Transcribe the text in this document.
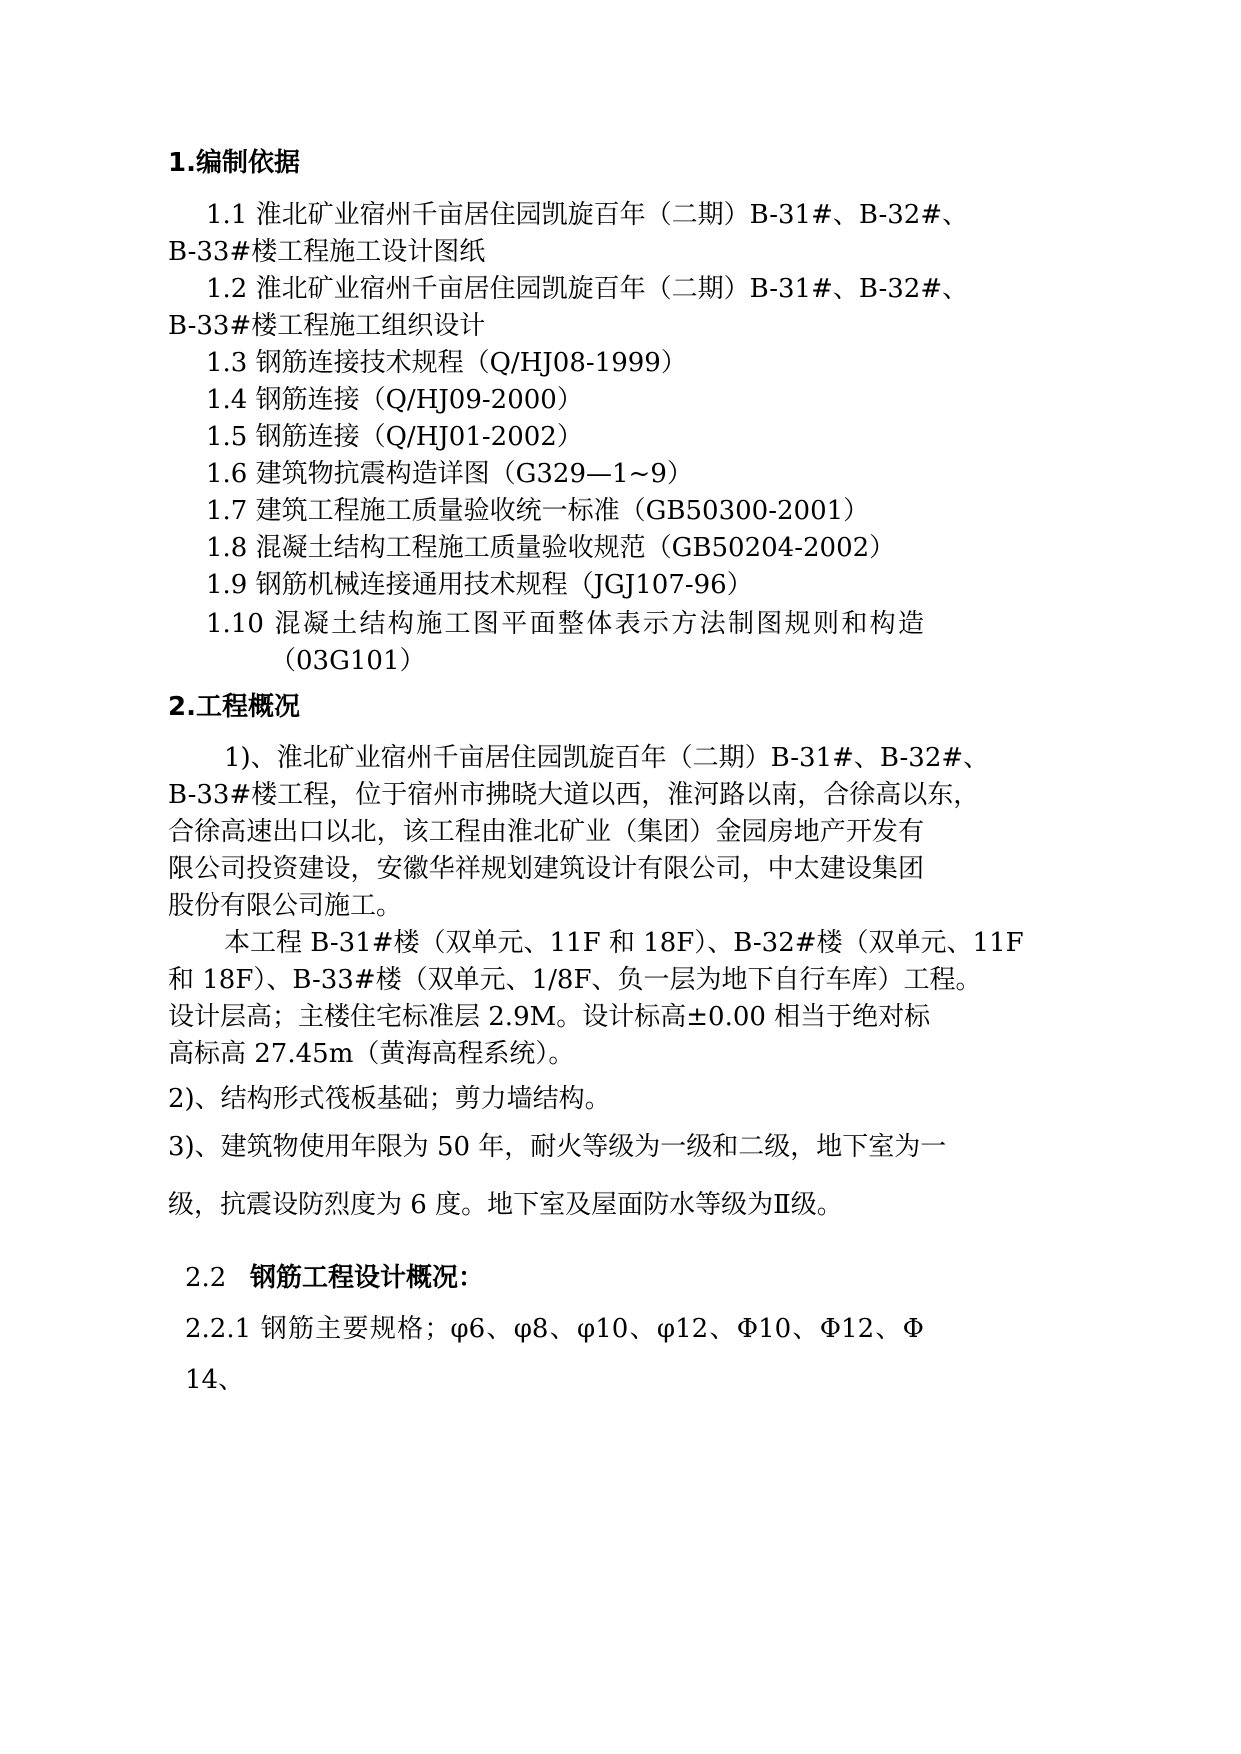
1.编制依据
1.1 淮北矿业宿州千亩居住园凯旋百年（二期）B-31#、B-32#、
B-33#楼工程施工设计图纸
1.2 淮北矿业宿州千亩居住园凯旋百年（二期）B-31#、B-32#、
B-33#楼工程施工组织设计
1.3 钢筋连接技术规程（Q/HJ08-1999）
1.4 钢筋连接（Q/HJ09-2000）
1.5 钢筋连接（Q/HJ01-2002）
1.6 建筑物抗震构造详图（G329—1~9）
1.7 建筑工程施工质量验收统一标准（GB50300-2001）
1.8 混凝土结构工程施工质量验收规范（GB50204-2002）
1.9 钢筋机械连接通用技术规程（JGJ107-96）
1.10 混凝土结构施工图平面整体表示方法制图规则和构造
（03G101）
2.工程概况
1)、淮北矿业宿州千亩居住园凯旋百年（二期）B-31#、B-32#、
B-33#楼工程，位于宿州市拂晓大道以西，淮河路以南，合徐高以东，
合徐高速出口以北，该工程由淮北矿业（集团）金园房地产开发有
限公司投资建设，安徽华祥规划建筑设计有限公司，中太建设集团
股份有限公司施工。
本工程 B-31#楼（双单元、11F 和 18F）、B-32#楼（双单元、11F
和 18F）、B-33#楼（双单元、1/8F、负一层为地下自行车库）工程。
设计层高；主楼住宅标准层 2.9M。设计标高±0.00 相当于绝对标
高标高 27.45m（黄海高程系统）。
2)、结构形式筏板基础；剪力墙结构。
3)、建筑物使用年限为 50 年，耐火等级为一级和二级，地下室为一
级，抗震设防烈度为 6 度。地下室及屋面防水等级为Ⅱ级。
2.2 钢筋工程设计概况：
2.2.1 钢筋主要规格；φ6、φ8、φ10、φ12、Φ10、Φ12、Φ
14、
